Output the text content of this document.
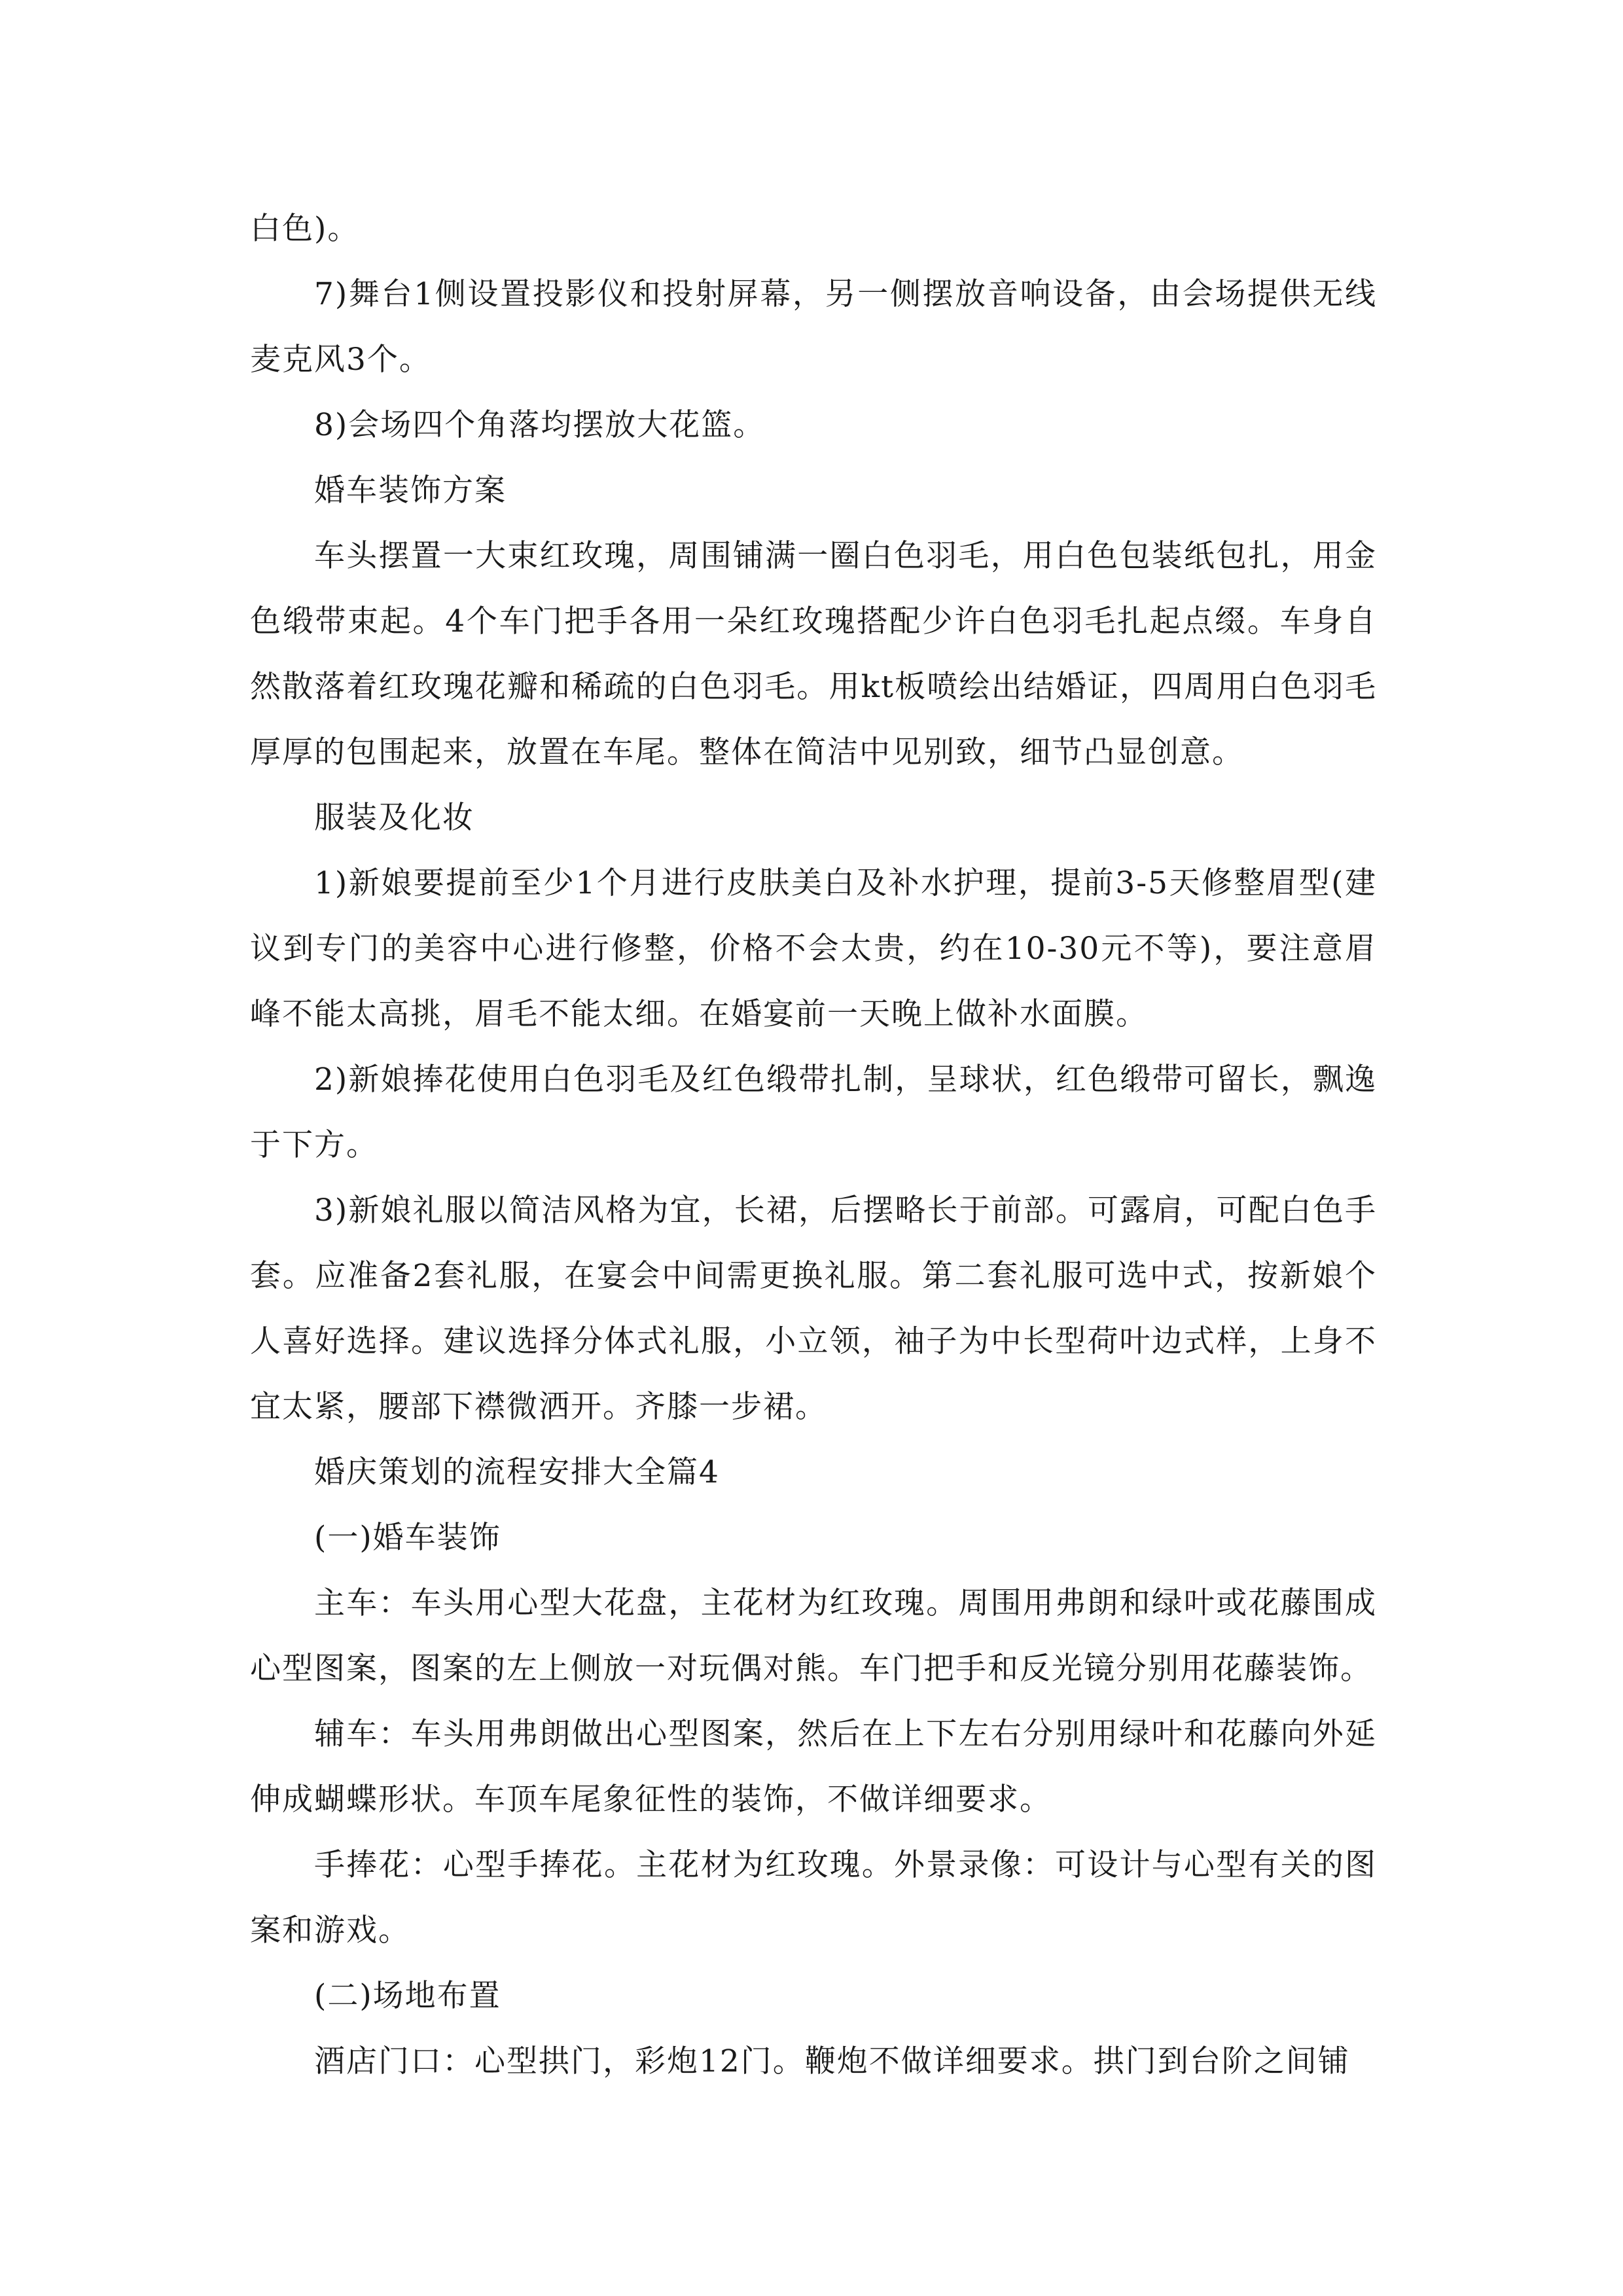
白色)。

7)舞台1侧设置投影仪和投射屏幕，另一侧摆放音响设备，由会场提供无线麦克风3个。

8)会场四个角落均摆放大花篮。

婚车装饰方案

车头摆置一大束红玫瑰，周围铺满一圈白色羽毛，用白色包装纸包扎，用金色缎带束起。4个车门把手各用一朵红玫瑰搭配少许白色羽毛扎起点缀。车身自然散落着红玫瑰花瓣和稀疏的白色羽毛。用kt板喷绘出结婚证，四周用白色羽毛厚厚的包围起来，放置在车尾。整体在简洁中见别致，细节凸显创意。

服装及化妆

1)新娘要提前至少1个月进行皮肤美白及补水护理，提前3-5天修整眉型(建议到专门的美容中心进行修整，价格不会太贵，约在10-30元不等)，要注意眉峰不能太高挑，眉毛不能太细。在婚宴前一天晚上做补水面膜。

2)新娘捧花使用白色羽毛及红色缎带扎制，呈球状，红色缎带可留长，飘逸于下方。

3)新娘礼服以简洁风格为宜，长裙，后摆略长于前部。可露肩，可配白色手套。应准备2套礼服，在宴会中间需更换礼服。第二套礼服可选中式，按新娘个人喜好选择。建议选择分体式礼服，小立领，袖子为中长型荷叶边式样，上身不宜太紧，腰部下襟微洒开。齐膝一步裙。

婚庆策划的流程安排大全篇4

(一)婚车装饰

主车：车头用心型大花盘，主花材为红玫瑰。周围用弗朗和绿叶或花藤围成心型图案，图案的左上侧放一对玩偶对熊。车门把手和反光镜分别用花藤装饰。

辅车：车头用弗朗做出心型图案，然后在上下左右分别用绿叶和花藤向外延伸成蝴蝶形状。车顶车尾象征性的装饰，不做详细要求。

手捧花：心型手捧花。主花材为红玫瑰。外景录像：可设计与心型有关的图案和游戏。

(二)场地布置

酒店门口：心型拱门，彩炮12门。鞭炮不做详细要求。拱门到台阶之间铺
